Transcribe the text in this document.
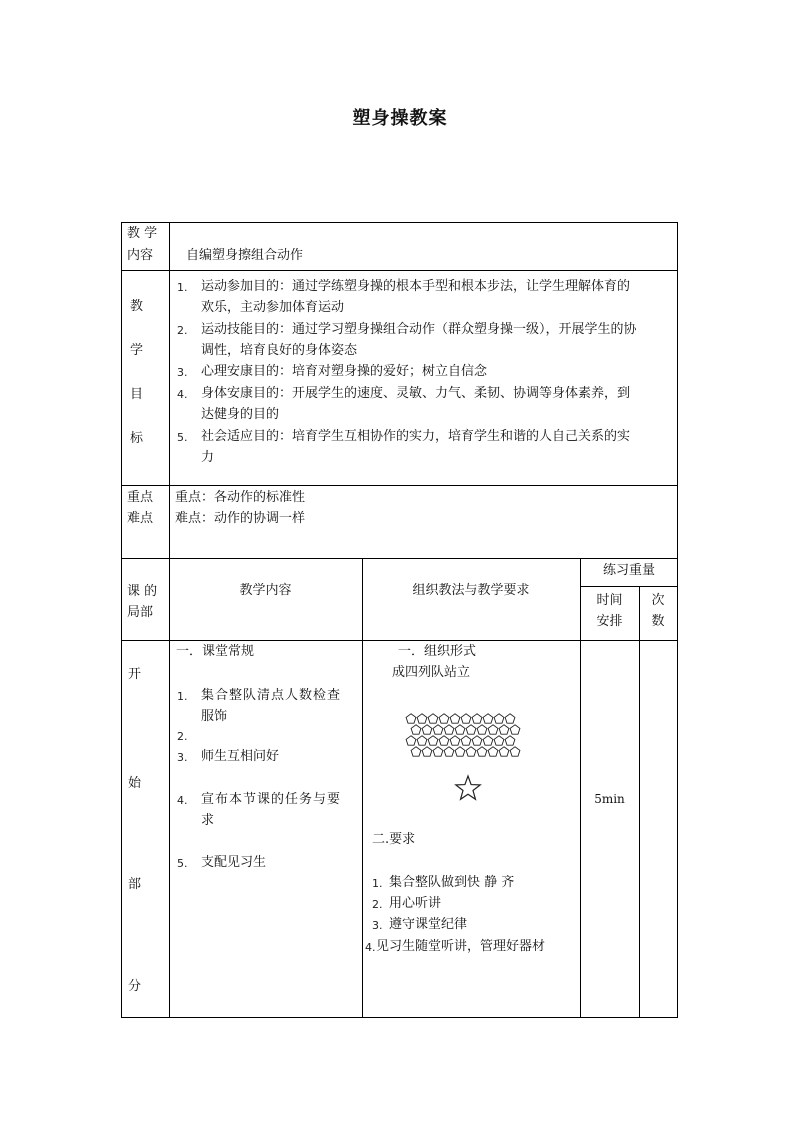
塑身操教案
教 学
内容	自编塑身擦组合动作
教
学
目
标
1. 运动参加目的：通过学练塑身操的根本手型和根本步法，让学生理解体育的
欢乐，主动参加体育运动
2. 运动技能目的：通过学习塑身操组合动作（群众塑身操一级），开展学生的协
调性，培育良好的身体姿态
3. 心理安康目的：培育对塑身操的爱好；树立自信念
4. 身体安康目的：开展学生的速度、灵敏、力气、柔韧、协调等身体素养，到
达健身的目的
5. 社会适应目的：培育学生互相协作的实力，培育学生和谐的人自己关系的实
力
重点
难点
重点：各动作的标准性
难点：动作的协调一样
课 的
局部
教学内容	组织教法与教学要求
练习重量
时间
安排
次
数
开
始
部
分
一．课堂常规
1. 集合整队清点人数检查
服饰
2.
3. 师生互相问好
4. 宣布本节课的任务与要
求
5. 支配见习生
一．组织形式
成四列队站立
二.要求
1. 集合整队做到快 静 齐
2. 用心听讲
3. 遵守课堂纪律
4. 见习生随堂听讲，管理好器材
5min
